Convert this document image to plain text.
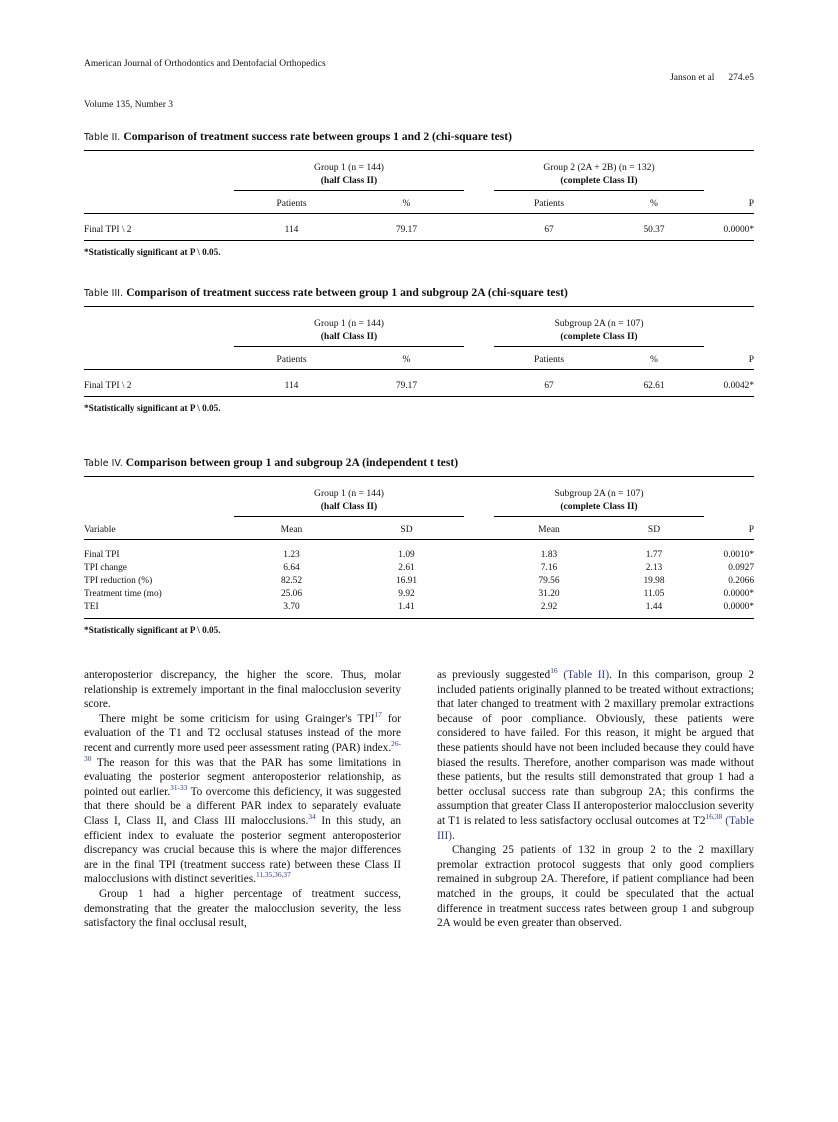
American Journal of Orthodontics and Dentofacial Orthopedics

Janson et al 274.e5

Volume 135, Number 3
Table II. Comparison of treatment success rate between groups 1 and 2 (chi-square test)

	Group 1 (n = 144)
(half Class II)			Group 2 (2A + 2B) (n = 132)
(complete Class II)		

	Patients	%		Patients	%	P

Final TPI \ 2	114	79.17		67	50.37	0.0000*

*Statistically significant at P \ 0.05.
Table III. Comparison of treatment success rate between group 1 and subgroup 2A (chi-square test)

	Group 1 (n = 144)
(half Class II)			Subgroup 2A (n = 107)
(complete Class II)		

	Patients	%		Patients	%	P

Final TPI \ 2	114	79.17		67	62.61	0.0042*

*Statistically significant at P \ 0.05.
Table IV. Comparison between group 1 and subgroup 2A (independent t test)

	Group 1 (n = 144)
(half Class II)			Subgroup 2A (n = 107)
(complete Class II)		

Variable	Mean	SD		Mean	SD	P

Final TPI	1.23	1.09		1.83	1.77	0.0010*
TPI change	6.64	2.61		7.16	2.13	0.0927
TPI reduction (%)	82.52	16.91		79.56	19.98	0.2066
Treatment time (mo)	25.06	9.92		31.20	11.05	0.0000*
TEI	3.70	1.41		2.92	1.44	0.0000*

*Statistically significant at P \ 0.05.

anteroposterior discrepancy, the higher the score. Thus, molar relationship is extremely important in the final malocclusion severity score.

There might be some criticism for using Grainger's TPI$^{17}$ for evaluation of the T1 and T2 occlusal statuses instead of the more recent and currently more used peer assessment rating (PAR) index.$^{26-30}$ The reason for this was that the PAR has some limitations in evaluating the posterior segment anteroposterior relationship, as pointed out earlier.$^{31-33}$ To overcome this deficiency, it was suggested that there should be a different PAR index to separately evaluate Class I, Class II, and Class III malocclusions.$^{34}$ In this study, an efficient index to evaluate the posterior segment anteroposterior discrepancy was crucial because this is where the major differences are in the final TPI (treatment success rate) between these Class II malocclusions with distinct severities.$^{11,35,36,37}$

Group 1 had a higher percentage of treatment success, demonstrating that the greater the malocclusion severity, the less satisfactory the final occlusal result,

as previously suggested$^{16}$ (Table II). In this comparison, group 2 included patients originally planned to be treated without extractions; that later changed to treatment with 2 maxillary premolar extractions because of poor compliance. Obviously, these patients were considered to have failed. For this reason, it might be argued that these patients should have not been included because they could have biased the results. Therefore, another comparison was made without these patients, but the results still demonstrated that group 1 had a better occlusal success rate than subgroup 2A; this confirms the assumption that greater Class II anteroposterior malocclusion severity at T1 is related to less satisfactory occlusal outcomes at T2$^{16,38}$ (Table III).

Changing 25 patients of 132 in group 2 to the 2 maxillary premolar extraction protocol suggests that only good compliers remained in subgroup 2A. Therefore, if patient compliance had been matched in the groups, it could be speculated that the actual difference in treatment success rates between group 1 and subgroup 2A would be even greater than observed.
